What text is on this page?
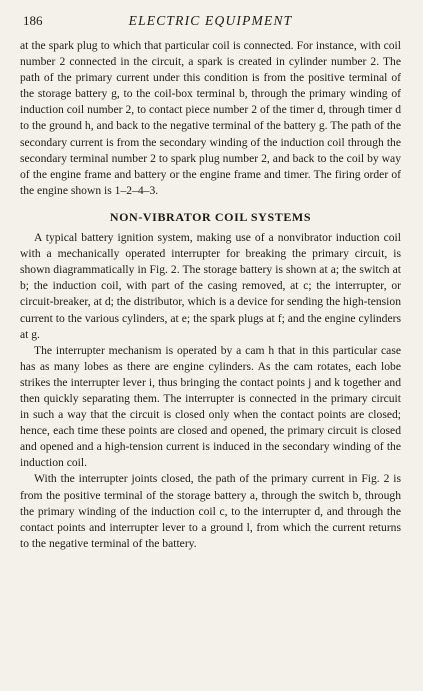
186	ELECTRIC EQUIPMENT

at the spark plug to which that particular coil is connected. For instance, with coil number 2 connected in the circuit, a spark is created in cylinder number 2. The path of the primary current under this condition is from the positive terminal of the storage battery g, to the coil-box terminal b, through the primary winding of induction coil number 2, to contact piece number 2 of the timer d, through timer d to the ground h, and back to the negative terminal of the battery g. The path of the secondary current is from the secondary winding of the induction coil through the secondary terminal number 2 to spark plug number 2, and back to the coil by way of the engine frame and battery or the engine frame and timer. The firing order of the engine shown is 1–2–4–3.

NON-VIBRATOR COIL SYSTEMS

A typical battery ignition system, making use of a nonvibrator induction coil with a mechanically operated interrupter for breaking the primary circuit, is shown diagrammatically in Fig. 2. The storage battery is shown at a; the switch at b; the induction coil, with part of the casing removed, at c; the interrupter, or circuit-breaker, at d; the distributor, which is a device for sending the high-tension current to the various cylinders, at e; the spark plugs at f; and the engine cylinders at g.

The interrupter mechanism is operated by a cam h that in this particular case has as many lobes as there are engine cylinders. As the cam rotates, each lobe strikes the interrupter lever i, thus bringing the contact points j and k together and then quickly separating them. The interrupter is connected in the primary circuit in such a way that the circuit is closed only when the contact points are closed; hence, each time these points are closed and opened, the primary circuit is closed and opened and a high-tension current is induced in the secondary winding of the induction coil.

With the interrupter joints closed, the path of the primary current in Fig. 2 is from the positive terminal of the storage battery a, through the switch b, through the primary winding of the induction coil c, to the interrupter d, and through the contact points and interrupter lever to a ground l, from which the current returns to the negative terminal of the battery.
